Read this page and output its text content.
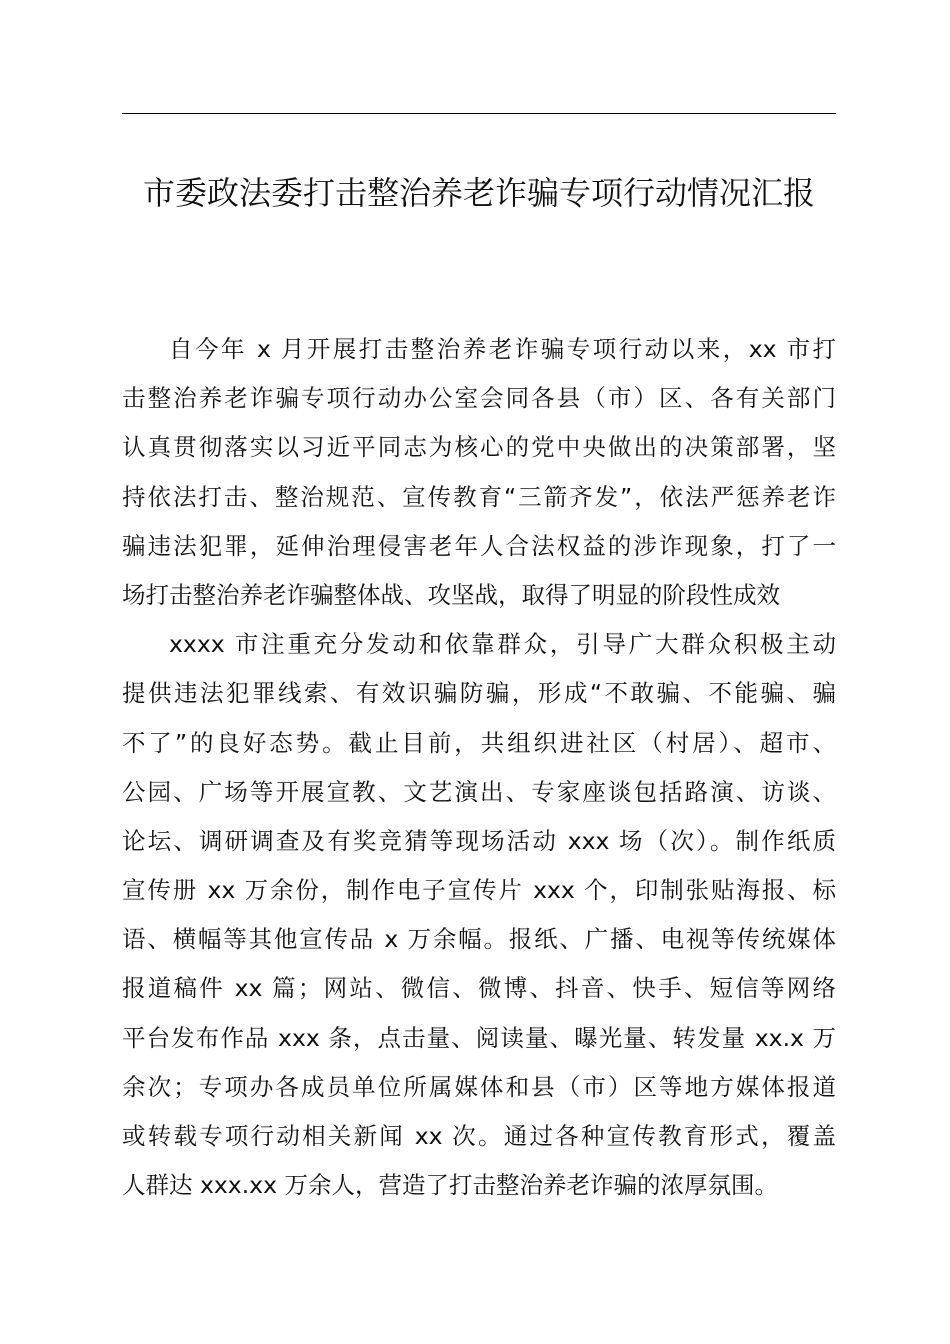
市委政法委打击整治养老诈骗专项行动情况汇报
自今年 x 月开展打击整治养老诈骗专项行动以来，xx 市打
击整治养老诈骗专项行动办公室会同各县（市）区、各有关部门
认真贯彻落实以习近平同志为核心的党中央做出的决策部署，坚
持依法打击、整治规范、宣传教育“三箭齐发”，依法严惩养老诈
骗违法犯罪，延伸治理侵害老年人合法权益的涉诈现象，打了一
场打击整治养老诈骗整体战、攻坚战，取得了明显的阶段性成效
xxxx 市注重充分发动和依靠群众，引导广大群众积极主动
提供违法犯罪线索、有效识骗防骗，形成“不敢骗、不能骗、骗
不了”的良好态势。截止目前，共组织进社区（村居）、超市、
公园、广场等开展宣教、文艺演出、专家座谈包括路演、访谈、
论坛、调研调查及有奖竞猜等现场活动 xxx 场（次）。制作纸质
宣传册 xx 万余份，制作电子宣传片 xxx 个，印制张贴海报、标
语、横幅等其他宣传品 x 万余幅。报纸、广播、电视等传统媒体
报道稿件 xx 篇；网站、微信、微博、抖音、快手、短信等网络
平台发布作品 xxx 条，点击量、阅读量、曝光量、转发量 xx.x 万
余次；专项办各成员单位所属媒体和县（市）区等地方媒体报道
或转载专项行动相关新闻 xx 次。通过各种宣传教育形式，覆盖
人群达 xxx.xx 万余人，营造了打击整治养老诈骗的浓厚氛围。
